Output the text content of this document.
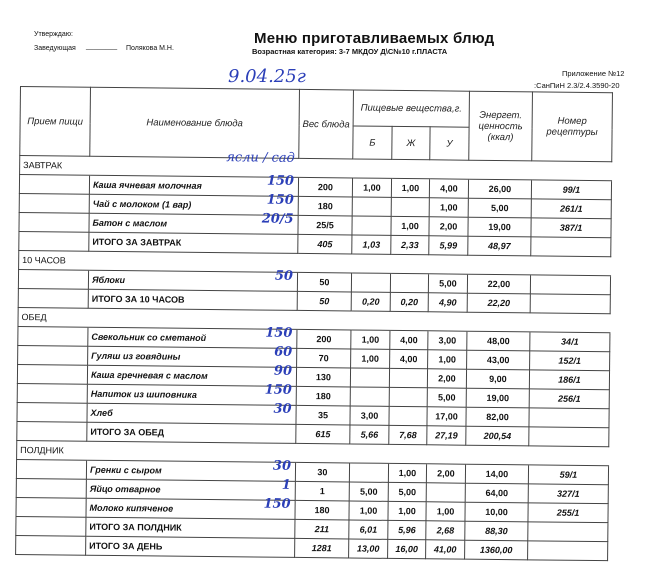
Утверждаю:
Заведующая ________ Полякова М.Н.
Меню приготавливаемых блюд
Возрастная категория: 3-7 МКДОУ Д\С№10 г.ПЛАСТА
Приложение №12
:СанПиН 2.3/2.4.3590-20
9.04.25г
Прием пищи	Наименование блюда	Вес блюда	Пищевые вещества,г.			Энергет. ценность (ккал)	Номер рецептуры
			Б	Ж	У		
ЗАВТРАК	ясли / сад						

	Каша ячневая молочная 150	200	1,00	1,00	4,00	26,00	99/1
	Чай с молоком (1 вар) 150	180			1,00	5,00	261/1
	Батон с маслом 20/5	25/5		1,00	2,00	19,00	387/1
	ИТОГО ЗА ЗАВТРАК	405	1,03	2,33	5,99	48,97	
10 ЧАСОВ							
	Яблоки 50	50			5,00	22,00	
	ИТОГО ЗА 10 ЧАСОВ	50	0,20	0,20	4,90	22,20	
ОБЕД							
	Свекольник со сметаной 150	200	1,00	4,00	3,00	48,00	34/1
	Гуляш из говядины 60	70	1,00	4,00	1,00	43,00	152/1
	Каша гречневая с маслом 90	130			2,00	9,00	186/1
	Напиток из шиповника 150	180			5,00	19,00	256/1
	Хлеб 30	35	3,00		17,00	82,00	
	ИТОГО ЗА ОБЕД	615	5,66	7,68	27,19	200,54	
ПОЛДНИК							
	Гренки с сыром 30	30		1,00	2,00	14,00	59/1
	Яйцо отварное 1	1	5,00	5,00		64,00	327/1
	Молоко кипяченое 150	180	1,00	1,00	1,00	10,00	255/1
	ИТОГО ЗА ПОЛДНИК	211	6,01	5,96	2,68	88,30	
	ИТОГО ЗА ДЕНЬ	1281	13,00	16,00	41,00	1360,00	
